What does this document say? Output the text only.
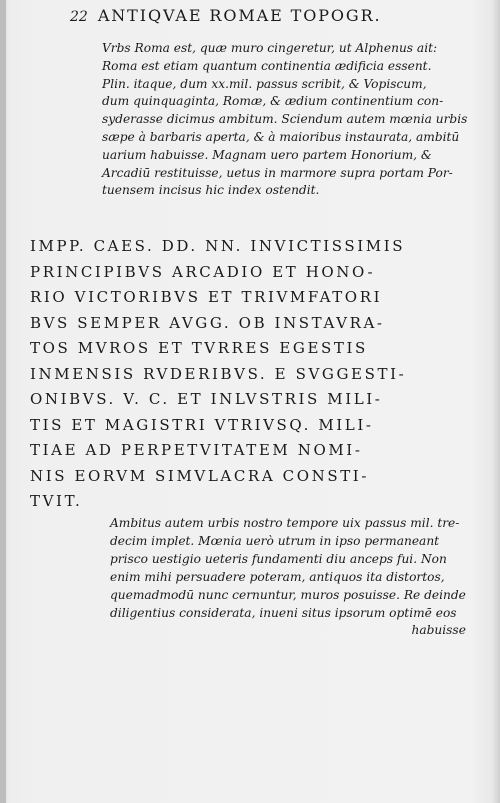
22 ANTIQVAE ROMAE TOPOGR.
Vrbs Roma est, quæ muro cingeretur, ut Alphenus ait:
Roma est etiam quantum continentia ædificia essent.
Plin. itaque, dum xx.mil. passus scribit, & Vopiscum,
dum quinquaginta, Romæ, & ædium continentium con-
syderasse dicimus ambitum. Sciendum autem mœnia urbis
sæpe à barbaris aperta, & à maioribus instaurata, ambitū
uarium habuisse. Magnam uero partem Honorium, &
Arcadiū restituisse, uetus in marmore supra portam Por-
tuensem incisus hic index ostendit.
IMPP. CAES. DD. NN. INVICTISSIMIS
PRINCIPIBVS ARCADIO ET HONO-
RIO VICTORIBVS ET TRIVMFATORI
BVS SEMPER AVGG. OB INSTAVRA-
TOS MVROS ET TVRRES EGESTIS
INMENSIS RVDERIBVS. E SVGGESTI-
ONIBVS. V. C. ET INLVSTRIS MILI-
TIS ET MAGISTRI VTRIVSQ. MILI-
TIAE AD PERPETVITATEM NOMI-
NIS EORVM SIMVLACRA CONSTI-
TVIT.
Ambitus autem urbis nostro tempore uix passus mil. tre-
decim implet. Mœnia uerò utrum in ipso permaneant
prisco uestigio ueteris fundamenti diu anceps fui. Non
enim mihi persuadere poteram, antiquos ita distortos,
quemadmodū nunc cernuntur, muros posuisse. Re deinde
diligentius considerata, inueni situs ipsorum optimē eos
habuisse
